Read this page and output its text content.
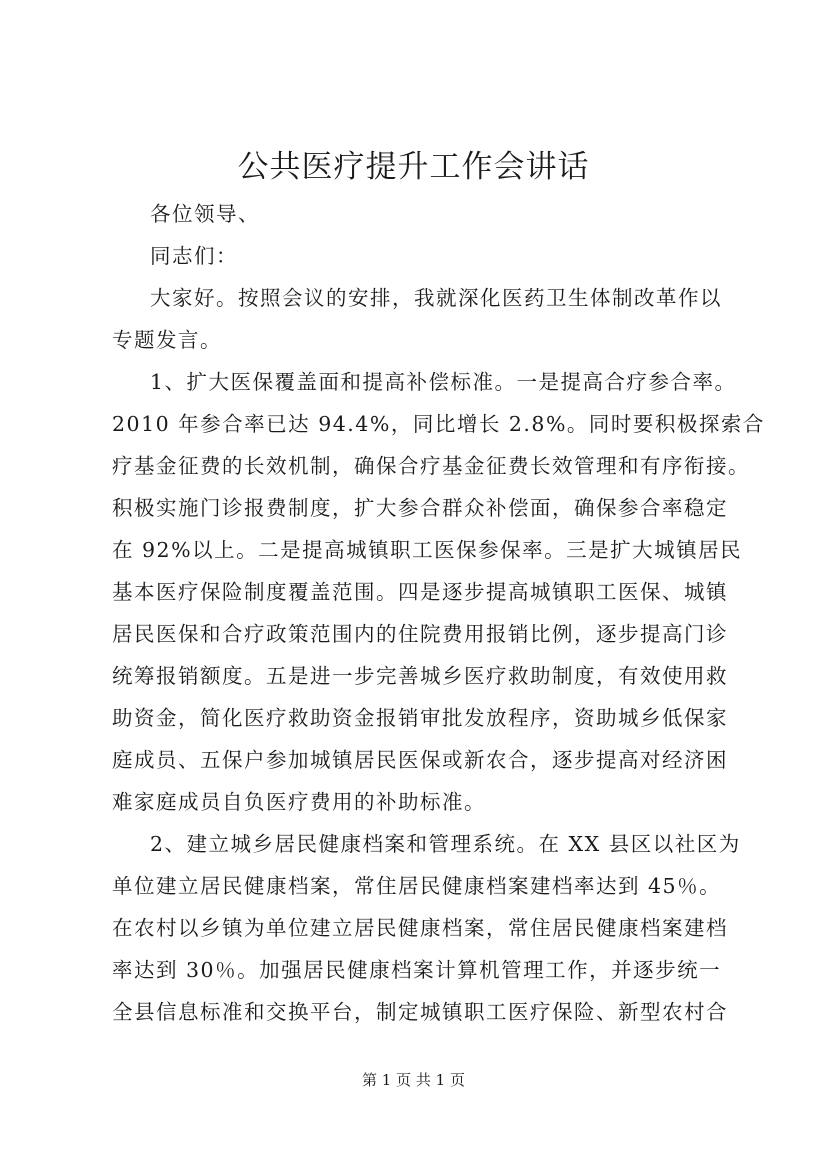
公共医疗提升工作会讲话
各位领导、
同志们：
大家好。按照会议的安排，我就深化医药卫生体制改革作以
专题发言。
1、扩大医保覆盖面和提高补偿标准。一是提高合疗参合率。
2010 年参合率已达 94.4%，同比增长 2.8%。同时要积极探索合
疗基金征费的长效机制，确保合疗基金征费长效管理和有序衔接。
积极实施门诊报费制度，扩大参合群众补偿面，确保参合率稳定
在 92%以上。二是提高城镇职工医保参保率。三是扩大城镇居民
基本医疗保险制度覆盖范围。四是逐步提高城镇职工医保、城镇
居民医保和合疗政策范围内的住院费用报销比例，逐步提高门诊
统筹报销额度。五是进一步完善城乡医疗救助制度，有效使用救
助资金，简化医疗救助资金报销审批发放程序，资助城乡低保家
庭成员、五保户参加城镇居民医保或新农合，逐步提高对经济困
难家庭成员自负医疗费用的补助标准。
2、建立城乡居民健康档案和管理系统。在 XX 县区以社区为
单位建立居民健康档案，常住居民健康档案建档率达到 45％。
在农村以乡镇为单位建立居民健康档案，常住居民健康档案建档
率达到 30％。加强居民健康档案计算机管理工作，并逐步统一
全县信息标准和交换平台，制定城镇职工医疗保险、新型农村合
第 1 页 共 1 页
